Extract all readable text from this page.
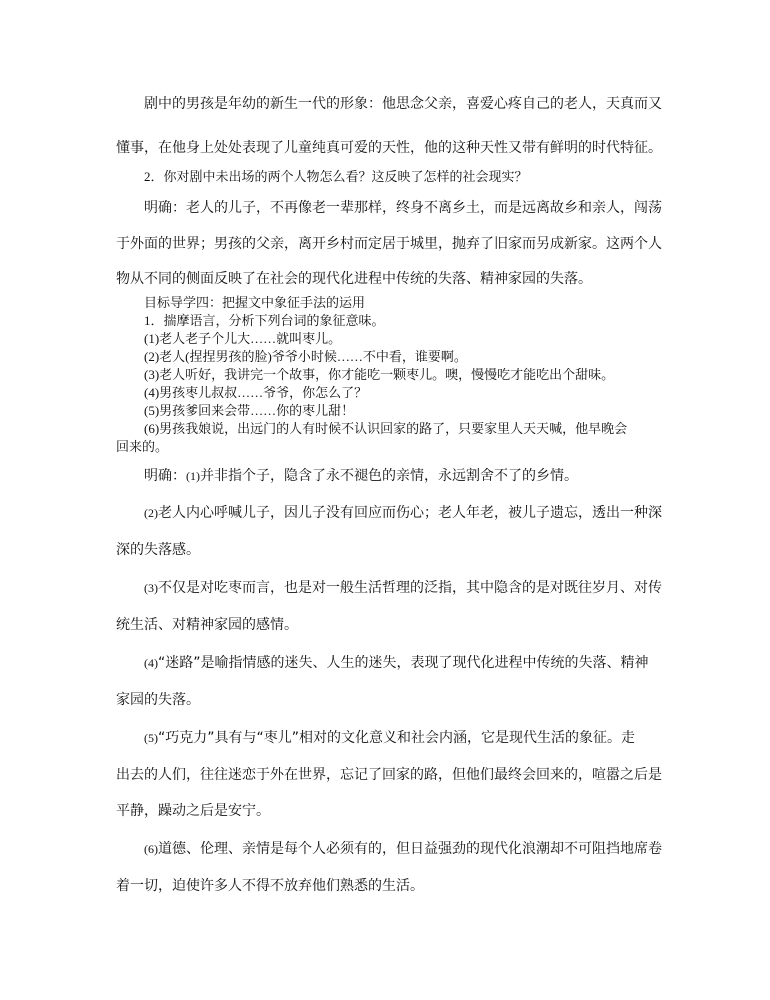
剧中的男孩是年幼的新生一代的形象：他思念父亲，喜爱心疼自己的老人，天真而又

懂事，在他身上处处表现了儿童纯真可爱的天性，他的这种天性又带有鲜明的时代特征。

2．你对剧中未出场的两个人物怎么看？这反映了怎样的社会现实？

明确：老人的儿子，不再像老一辈那样，终身不离乡土，而是远离故乡和亲人，闯荡

于外面的世界；男孩的父亲，离开乡村而定居于城里，抛弃了旧家而另成新家。这两个人

物从不同的侧面反映了在社会的现代化进程中传统的失落、精神家园的失落。

目标导学四：把握文中象征手法的运用

1．揣摩语言，分析下列台词的象征意味。

(1)老人老子个儿大……就叫枣儿。

(2)老人(捏捏男孩的脸)爷爷小时候……不中看，谁要啊。

(3)老人听好，我讲完一个故事，你才能吃一颗枣儿。噢，慢慢吃才能吃出个甜味。

(4)男孩枣儿叔叔……爷爷，你怎么了？

(5)男孩爹回来会带……你的枣儿甜！

(6)男孩我娘说，出远门的人有时候不认识回家的路了，只要家里人天天喊，他早晚会

回来的。

明确：(1)并非指个子，隐含了永不褪色的亲情，永远割舍不了的乡情。

(2)老人内心呼喊儿子，因儿子没有回应而伤心；老人年老，被儿子遗忘，透出一种深

深的失落感。

(3)不仅是对吃枣而言，也是对一般生活哲理的泛指，其中隐含的是对既往岁月、对传

统生活、对精神家园的感情。

(4)“迷路”是喻指情感的迷失、人生的迷失，表现了现代化进程中传统的失落、精神

家园的失落。

(5)“巧克力”具有与“枣儿”相对的文化意义和社会内涵，它是现代生活的象征。走

出去的人们，往往迷恋于外在世界，忘记了回家的路，但他们最终会回来的，喧嚣之后是

平静，躁动之后是安宁。

(6)道德、伦理、亲情是每个人必须有的，但日益强劲的现代化浪潮却不可阻挡地席卷

着一切，迫使许多人不得不放弃他们熟悉的生活。
